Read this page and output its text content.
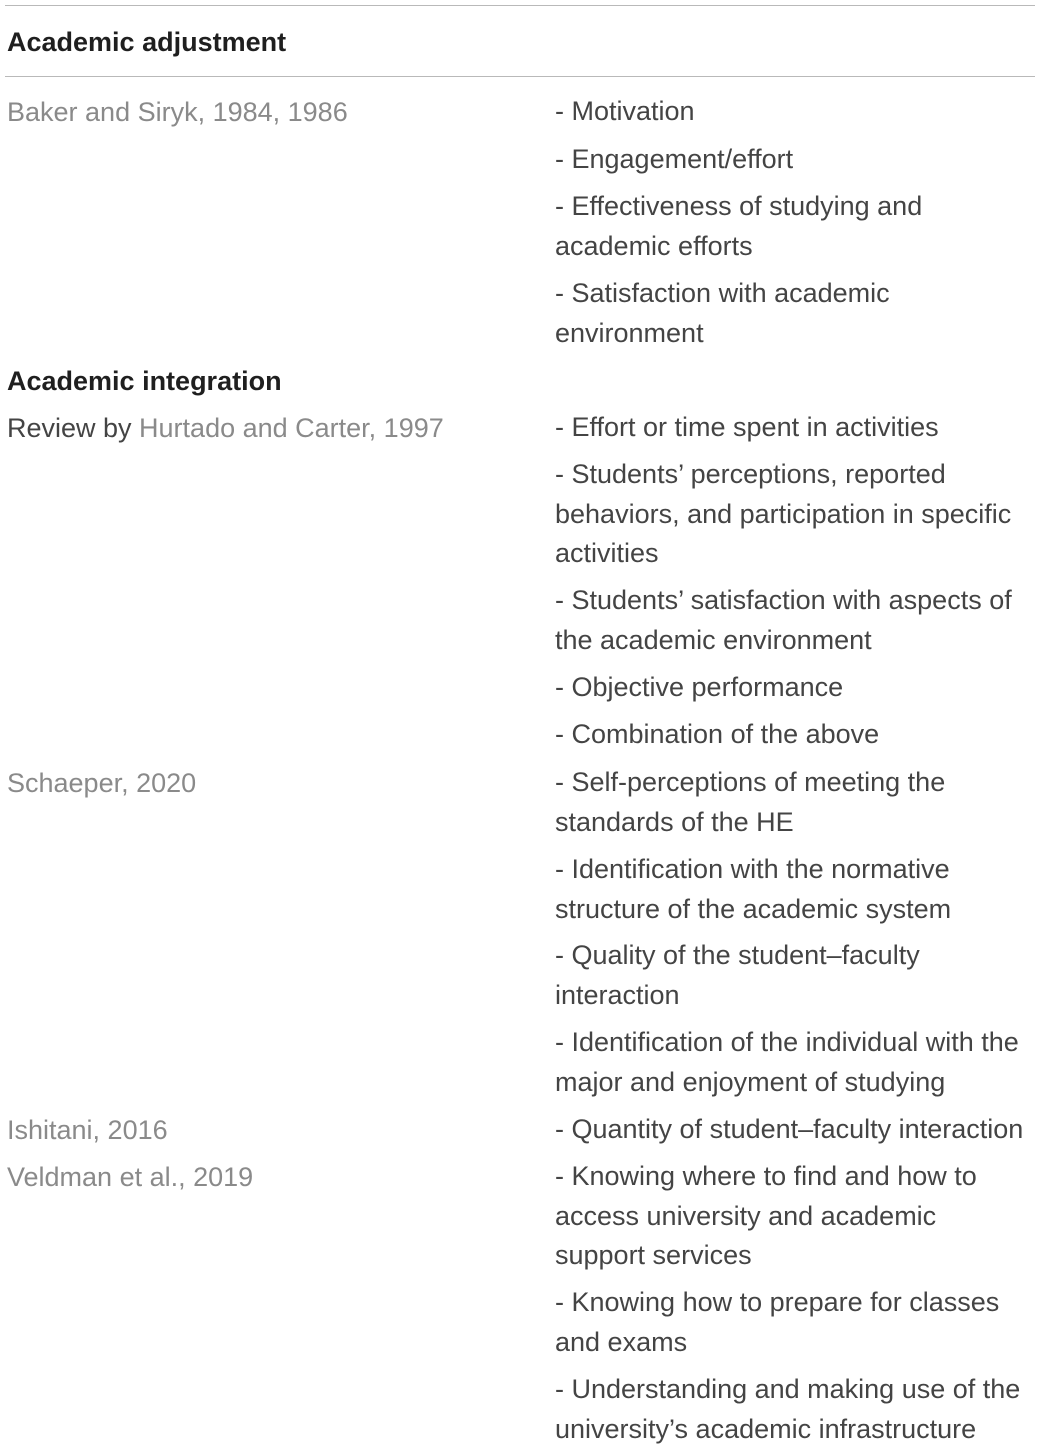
Academic adjustment
Baker and Siryk, 1984, 1986	- Motivation
- Engagement/effort
- Effectiveness of studying and
academic efforts
- Satisfaction with academic
environment
Academic integration
Review by Hurtado and Carter, 1997	- Effort or time spent in activities
- Students’ perceptions, reported
behaviors, and participation in specific
activities
- Students’ satisfaction with aspects of
the academic environment
- Objective performance
- Combination of the above
Schaeper, 2020	- Self-perceptions of meeting the
standards of the HE
- Identification with the normative
structure of the academic system
- Quality of the student–faculty
interaction
- Identification of the individual with the
major and enjoyment of studying
Ishitani, 2016	- Quantity of student–faculty interaction
Veldman et al., 2019	- Knowing where to find and how to
access university and academic
support services
- Knowing how to prepare for classes
and exams
- Understanding and making use of the
university’s academic infrastructure
